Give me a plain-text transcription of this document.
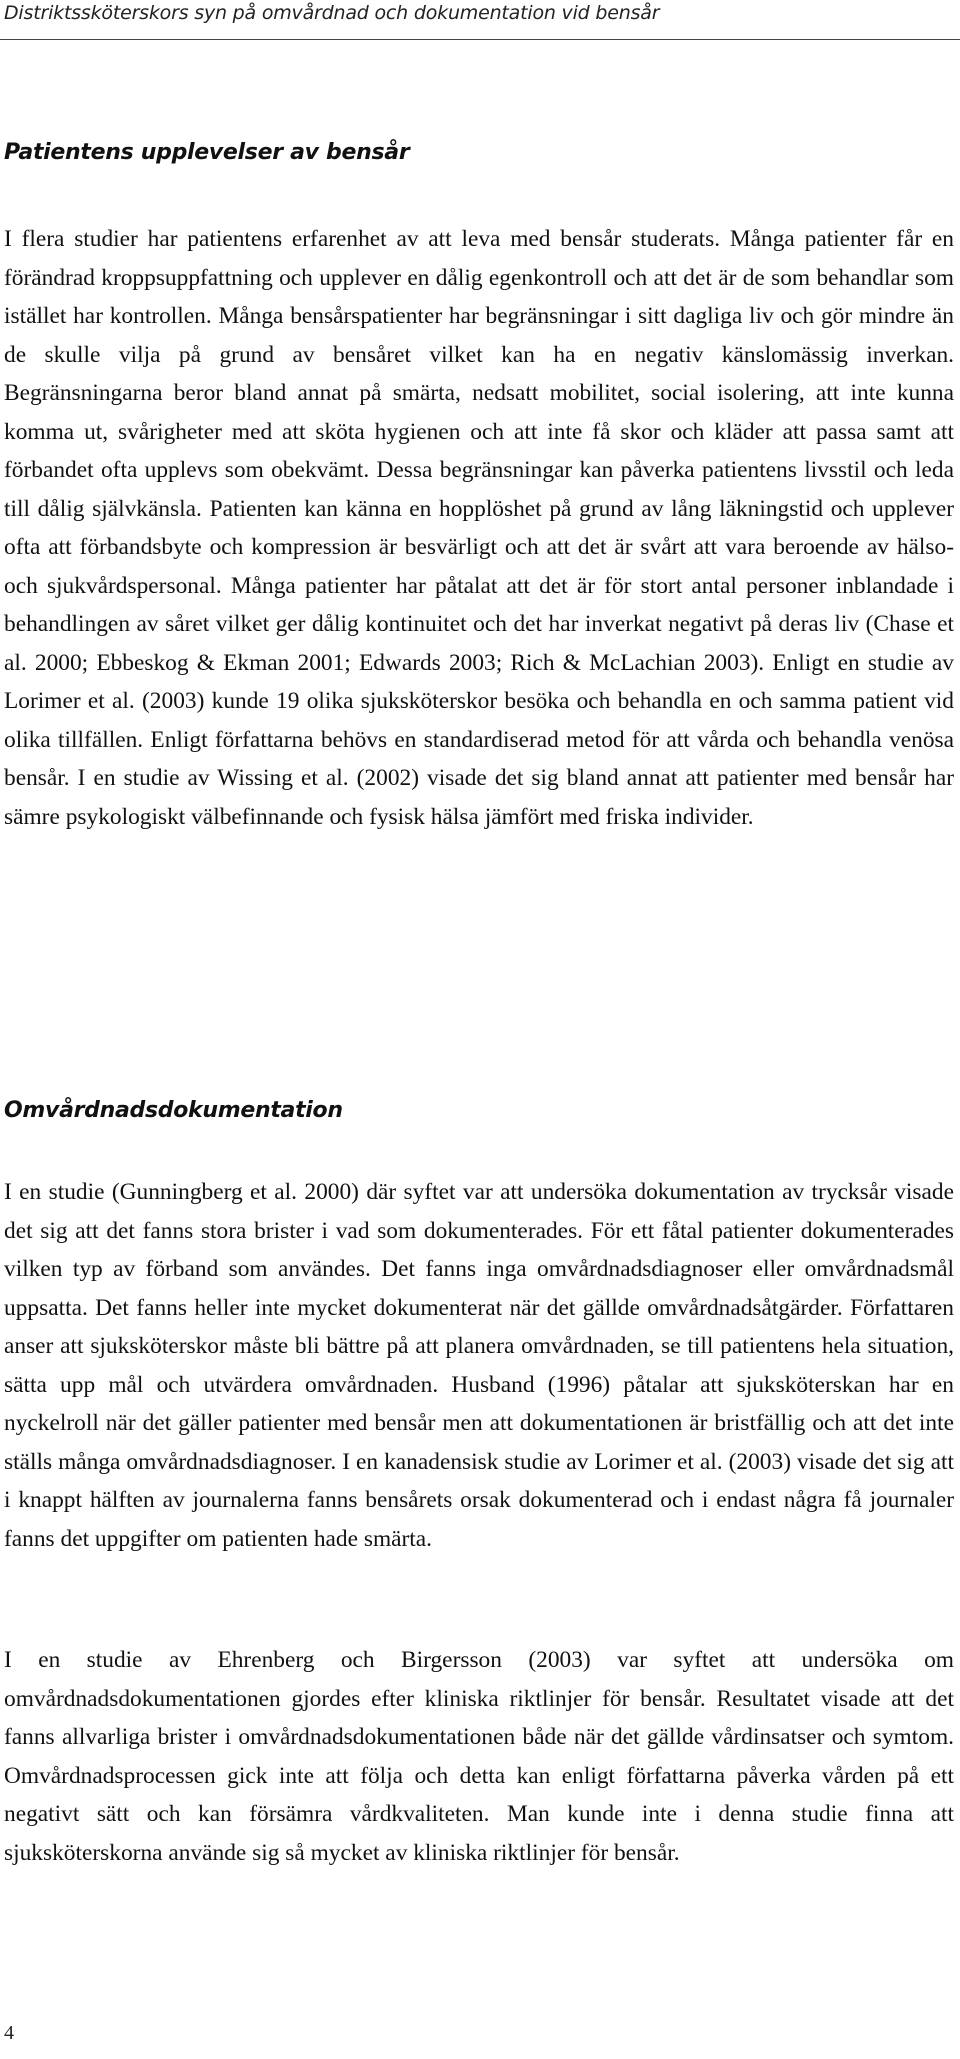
Distriktssköterskors syn på omvårdnad och dokumentation vid bensår
Patientens upplevelser av bensår

I flera studier har patientens erfarenhet av att leva med bensår studerats. Många patienter får en förändrad kroppsuppfattning och upplever en dålig egenkontroll och att det är de som behandlar som istället har kontrollen. Många bensårspatienter har begränsningar i sitt dagliga liv och gör mindre än de skulle vilja på grund av bensåret vilket kan ha en negativ känslomässig inverkan. Begränsningarna beror bland annat på smärta, nedsatt mobilitet, social isolering, att inte kunna komma ut, svårigheter med att sköta hygienen och att inte få skor och kläder att passa samt att förbandet ofta upplevs som obekvämt. Dessa begränsningar kan påverka patientens livsstil och leda till dålig självkänsla. Patienten kan känna en hopplöshet på grund av lång läkningstid och upplever ofta att förbandsbyte och kompression är besvärligt och att det är svårt att vara beroende av hälso- och sjukvårdspersonal. Många patienter har påtalat att det är för stort antal personer inblandade i behandlingen av såret vilket ger dålig kontinuitet och det har inverkat negativt på deras liv (Chase et al. 2000; Ebbeskog & Ekman 2001; Edwards 2003; Rich & McLachian 2003). Enligt en studie av Lorimer et al. (2003) kunde 19 olika sjuksköterskor besöka och behandla en och samma patient vid olika tillfällen. Enligt författarna behövs en standardiserad metod för att vårda och behandla venösa bensår. I en studie av Wissing et al. (2002) visade det sig bland annat att patienter med bensår har sämre psykologiskt välbefinnande och fysisk hälsa jämfört med friska individer.

Omvårdnadsdokumentation

I en studie (Gunningberg et al. 2000) där syftet var att undersöka dokumentation av trycksår visade det sig att det fanns stora brister i vad som dokumenterades. För ett fåtal patienter dokumenterades vilken typ av förband som användes. Det fanns inga omvårdnadsdiagnoser eller omvårdnadsmål uppsatta. Det fanns heller inte mycket dokumenterat när det gällde omvårdnadsåtgärder. Författaren anser att sjuksköterskor måste bli bättre på att planera omvårdnaden, se till patientens hela situation, sätta upp mål och utvärdera omvårdnaden. Husband (1996) påtalar att sjuksköterskan har en nyckelroll när det gäller patienter med bensår men att dokumentationen är bristfällig och att det inte ställs många omvårdnadsdiagnoser. I en kanadensisk studie av Lorimer et al. (2003) visade det sig att i knappt hälften av journalerna fanns bensårets orsak dokumenterad och i endast några få journaler fanns det uppgifter om patienten hade smärta.

I en studie av Ehrenberg och Birgersson (2003) var syftet att undersöka om omvårdnadsdokumentationen gjordes efter kliniska riktlinjer för bensår. Resultatet visade att det fanns allvarliga brister i omvårdnadsdokumentationen både när det gällde vårdinsatser och symtom. Omvårdnadsprocessen gick inte att följa och detta kan enligt författarna påverka vården på ett negativt sätt och kan försämra vårdkvaliteten. Man kunde inte i denna studie finna att sjuksköterskorna använde sig så mycket av kliniska riktlinjer för bensår.

4
